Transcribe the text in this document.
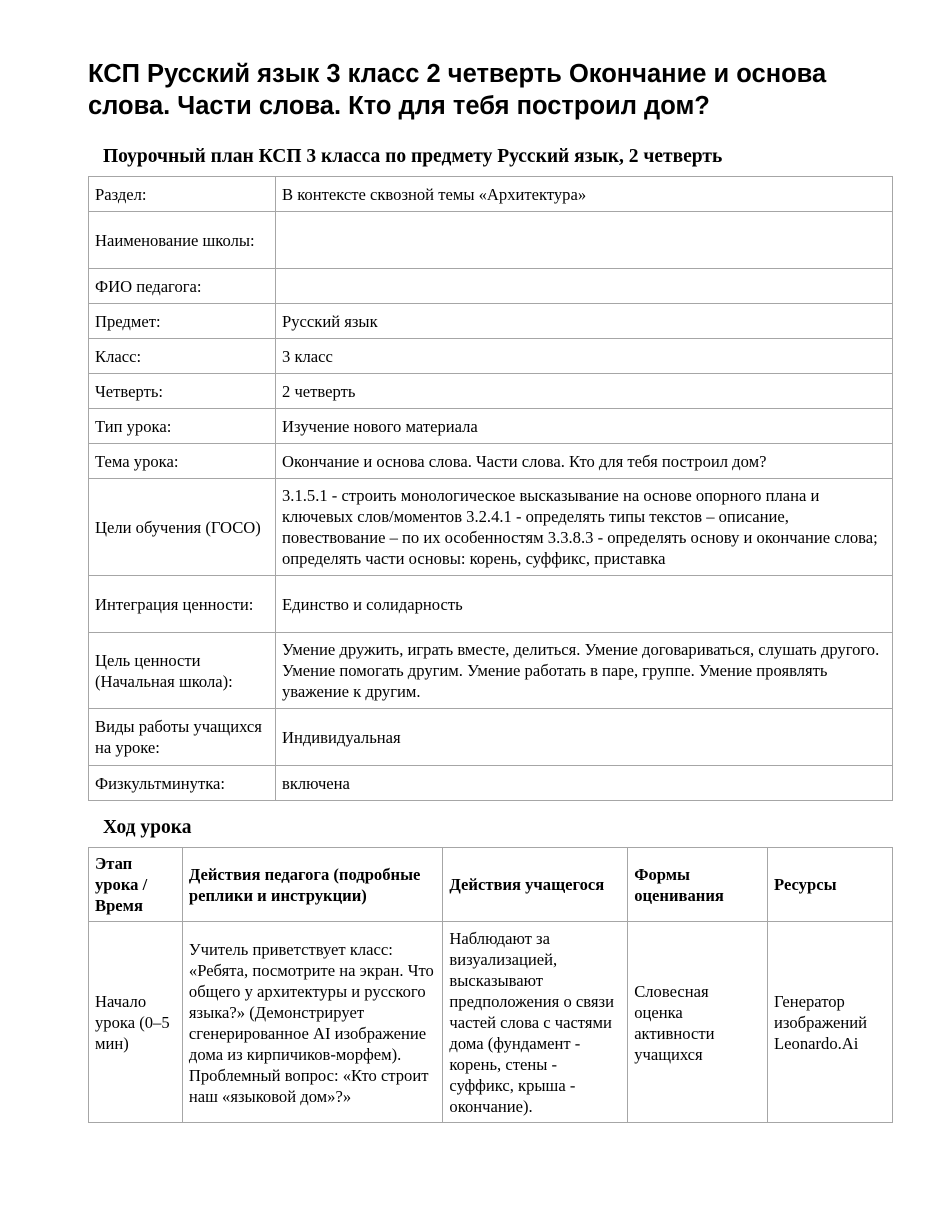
КСП Русский язык 3 класс 2 четверть Окончание и основа слова. Части слова. Кто для тебя построил дом?
Поурочный план КСП 3 класса по предмету Русский язык, 2 четверть
Раздел:	В контексте сквозной темы «Архитектура»
Наименование школы:	
ФИО педагога:	
Предмет:	Русский язык
Класс:	3 класс
Четверть:	2 четверть
Тип урока:	Изучение нового материала
Тема урока:	Окончание и основа слова. Части слова. Кто для тебя построил дом?
Цели обучения (ГОСО)	3.1.5.1 - строить монологическое высказывание на основе опорного плана и ключевых слов/моментов 3.2.4.1 - определять типы текстов – описание, повествование – по их особенностям 3.3.8.3 - определять основу и окончание слова; определять части основы: корень, суффикс, приставка
Интеграция ценности:	Единство и солидарность
Цель ценности (Начальная школа):	Умение дружить, играть вместе, делиться. Умение договариваться, слушать другого. Умение помогать другим. Умение работать в паре, группе. Умение проявлять уважение к другим.
Виды работы учащихся на уроке:	Индивидуальная
Физкультминутка:	включена
Ход урока
Этап урока / Время	Действия педагога (подробные реплики и инструкции)	Действия учащегося	Формы оценивания	Ресурсы
Начало урока (0–5 мин)	Учитель приветствует класс: «Ребята, посмотрите на экран. Что общего у архитектуры и русского языка?» (Демонстрирует сгенерированное AI изображение дома из кирпичиков-морфем). Проблемный вопрос: «Кто строит наш «языковой дом»?»	Наблюдают за визуализацией, высказывают предположения о связи частей слова с частями дома (фундамент - корень, стены - суффикс, крыша - окончание).	Словесная оценка активности учащихся	Генератор изображений Leonardo.Ai
